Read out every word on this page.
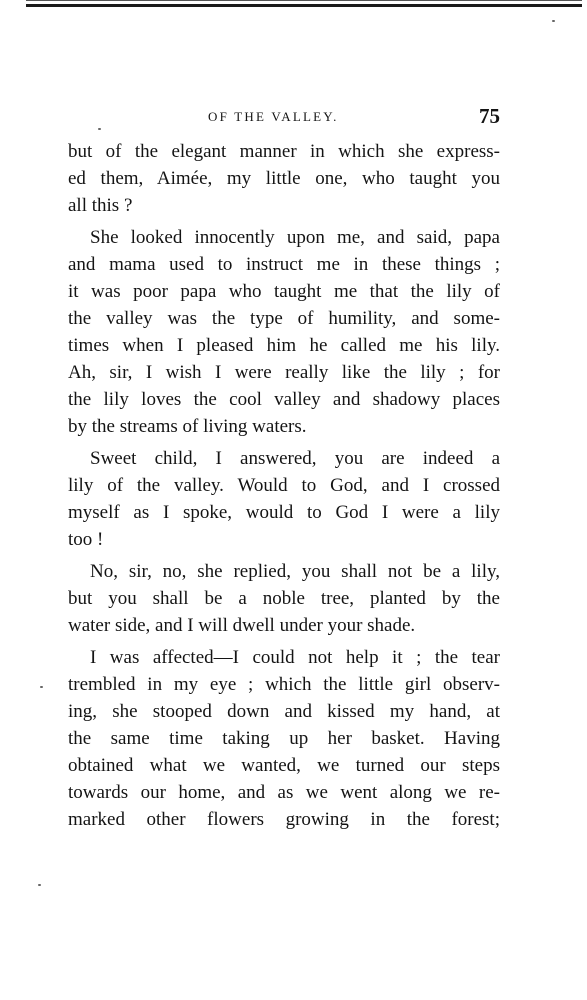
OF THE VALLEY.	75
but of the elegant manner in which she express-
ed them, Aimée, my little one, who taught you
all this ?
She looked innocently upon me, and said, papa
and mama used to instruct me in these things ;
it was poor papa who taught me that the lily of
the valley was the type of humility, and some-
times when I pleased him he called me his lily.
Ah, sir, I wish I were really like the lily ; for
the lily loves the cool valley and shadowy places
by the streams of living waters.
Sweet child, I answered, you are indeed a
lily of the valley. Would to God, and I crossed
myself as I spoke, would to God I were a lily
too !
No, sir, no, she replied, you shall not be a lily,
but you shall be a noble tree, planted by the
water side, and I will dwell under your shade.
I was affected—I could not help it ; the tear
trembled in my eye ; which the little girl observ-
ing, she stooped down and kissed my hand, at
the same time taking up her basket. Having
obtained what we wanted, we turned our steps
towards our home, and as we went along we re-
marked other flowers growing in the forest;
